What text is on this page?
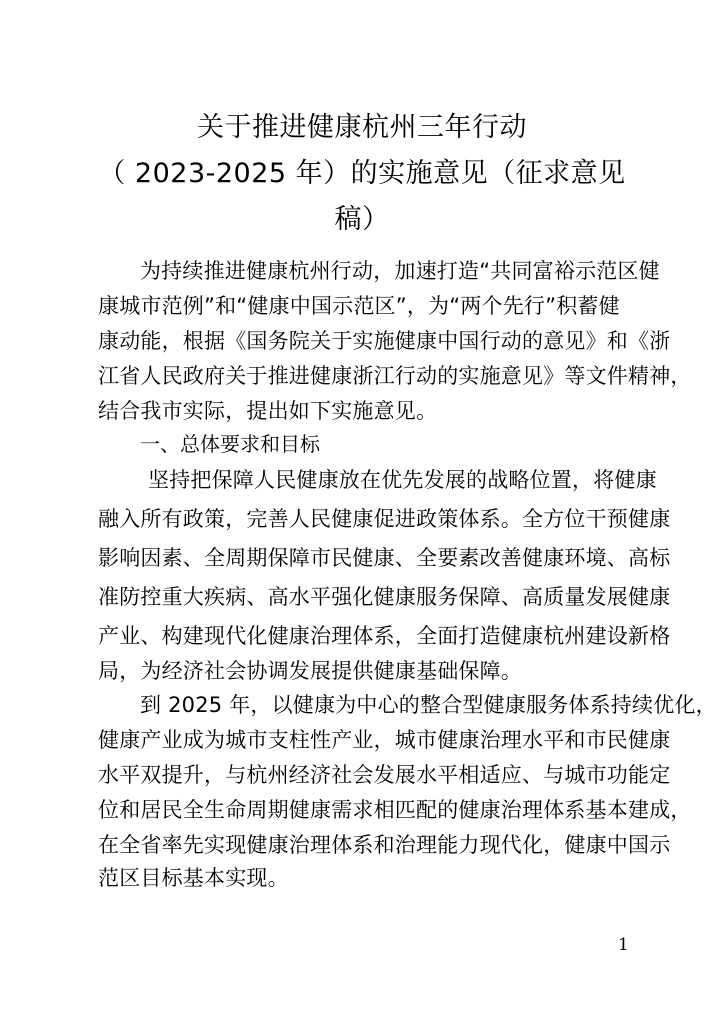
关于推进健康杭州三年行动
（ 2023-2025 年）的实施意见（征求意见
稿）
为持续推进健康杭州行动，加速打造“共同富裕示范区健
康城市范例”和“健康中国示范区”，为“两个先行”积蓄健
康动能，根据《国务院关于实施健康中国行动的意见》和《浙
江省人民政府关于推进健康浙江行动的实施意见》等文件精神，
结合我市实际，提出如下实施意见。
一、总体要求和目标
坚持把保障人民健康放在优先发展的战略位置，将健康
融入所有政策，完善人民健康促进政策体系。全方位干预健康
影响因素、全周期保障市民健康、全要素改善健康环境、高标
准防控重大疾病、高水平强化健康服务保障、高质量发展健康
产业、构建现代化健康治理体系，全面打造健康杭州建设新格
局，为经济社会协调发展提供健康基础保障。
到 2025 年，以健康为中心的整合型健康服务体系持续优化，
健康产业成为城市支柱性产业，城市健康治理水平和市民健康
水平双提升，与杭州经济社会发展水平相适应、与城市功能定
位和居民全生命周期健康需求相匹配的健康治理体系基本建成，
在全省率先实现健康治理体系和治理能力现代化，健康中国示
范区目标基本实现。
1
